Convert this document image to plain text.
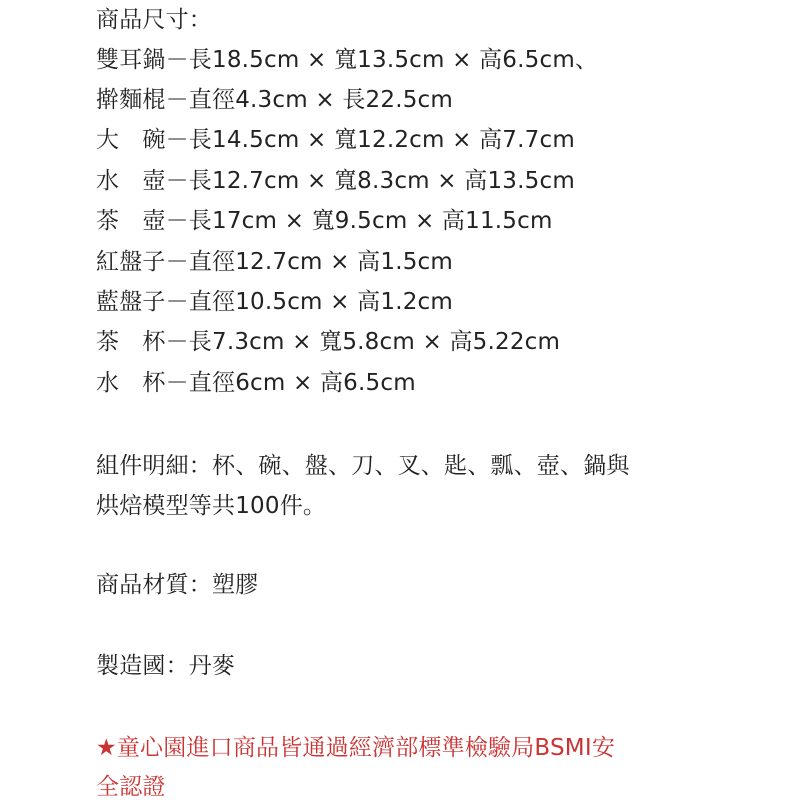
商品尺寸：
雙耳鍋－長18.5cm × 寬13.5cm × 高6.5cm、
擀麵棍－直徑4.3cm × 長22.5cm
大　碗－長14.5cm × 寬12.2cm × 高7.7cm
水　壺－長12.7cm × 寬8.3cm × 高13.5cm
茶　壺－長17cm × 寬9.5cm × 高11.5cm
紅盤子－直徑12.7cm × 高1.5cm
藍盤子－直徑10.5cm × 高1.2cm
茶　杯－長7.3cm × 寬5.8cm × 高5.22cm
水　杯－直徑6cm × 高6.5cm
組件明細：杯、碗、盤、刀、叉、匙、瓢、壺、鍋與
烘焙模型等共100件。
商品材質：塑膠
製造國：丹麥
★童心園進口商品皆通過經濟部標準檢驗局BSMI安
全認證
